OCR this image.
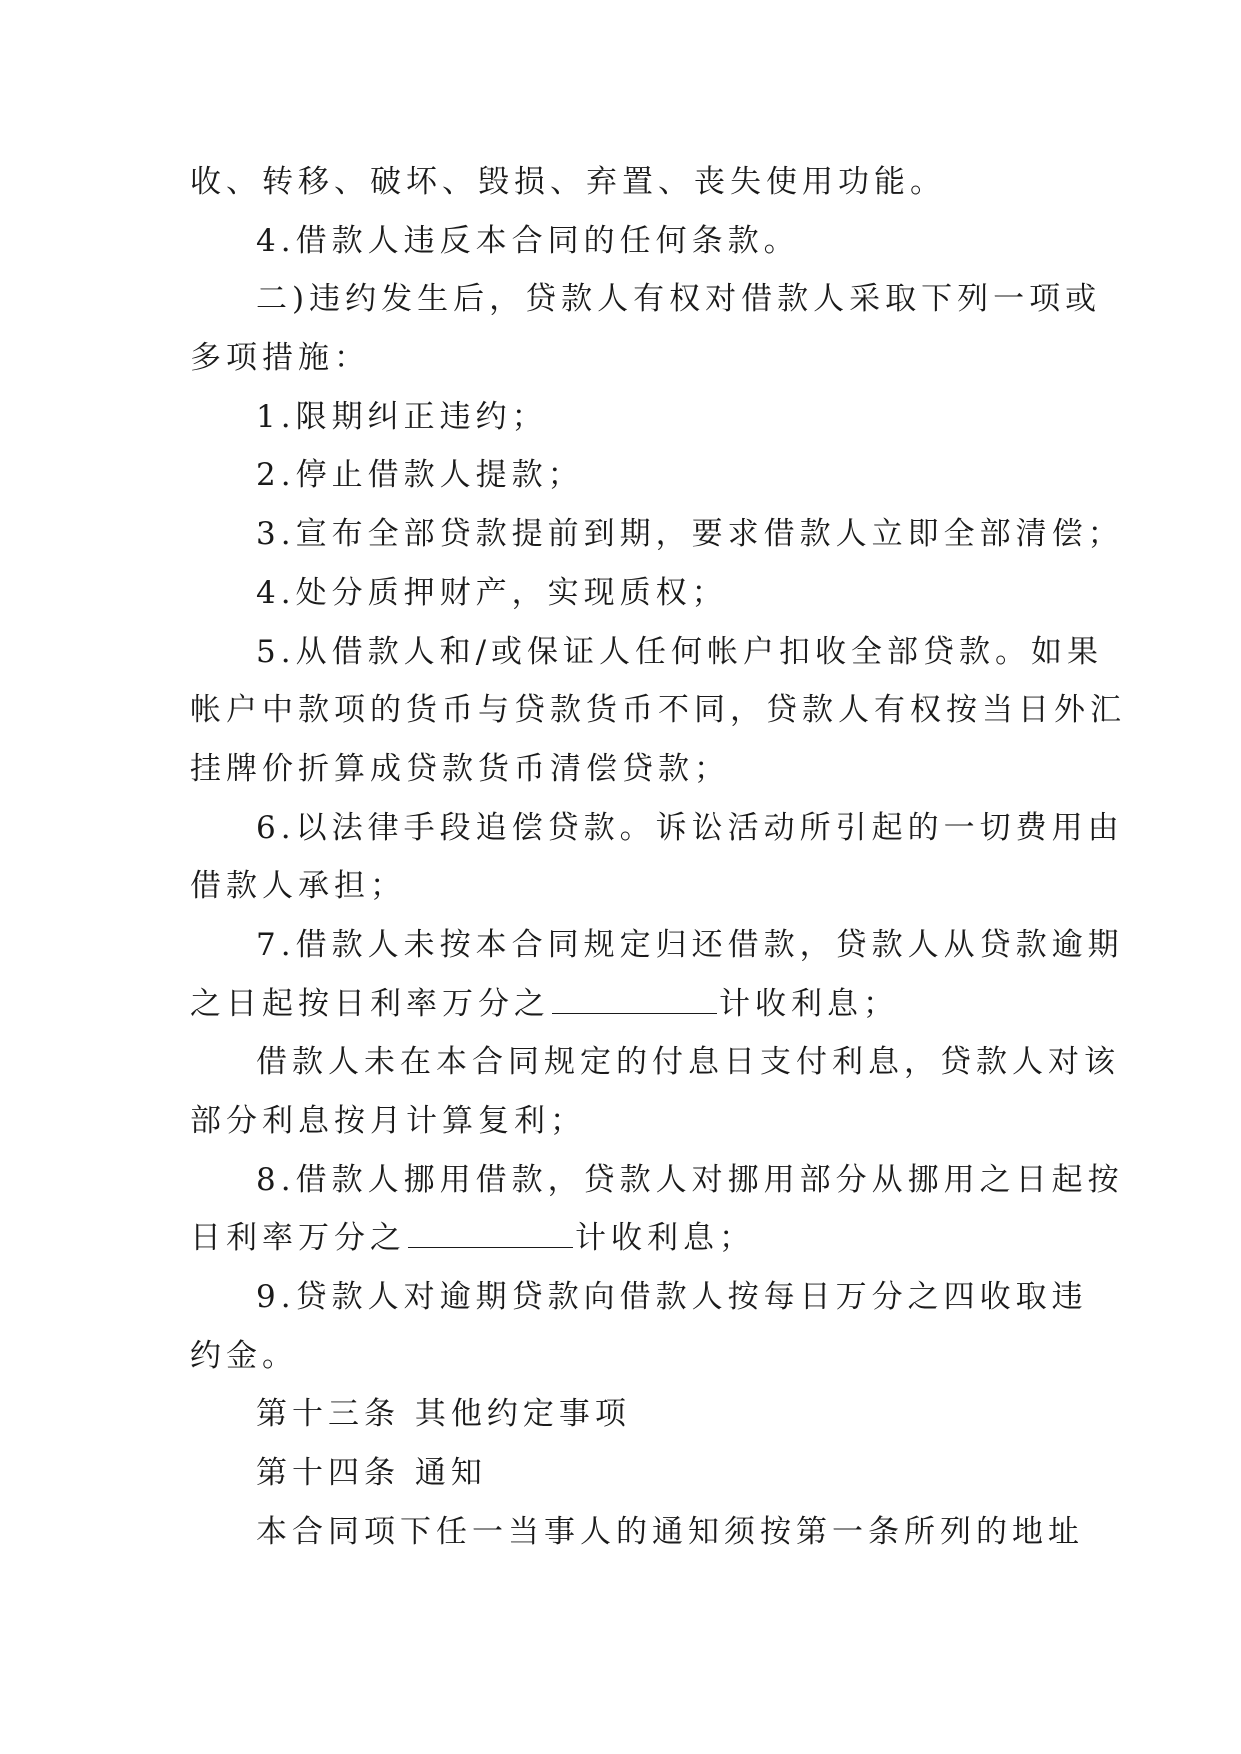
收、转移、破坏、毁损、弃置、丧失使用功能。
4.借款人违反本合同的任何条款。
二)违约发生后，贷款人有权对借款人采取下列一项或
多项措施：
1.限期纠正违约；
2.停止借款人提款；
3.宣布全部贷款提前到期，要求借款人立即全部清偿；
4.处分质押财产，实现质权；
5.从借款人和/或保证人任何帐户扣收全部贷款。如果
帐户中款项的货币与贷款货币不同，贷款人有权按当日外汇
挂牌价折算成贷款货币清偿贷款；
6.以法律手段追偿贷款。诉讼活动所引起的一切费用由
借款人承担；
7.借款人未按本合同规定归还借款，贷款人从贷款逾期
之日起按日利率万分之	计收利息；
借款人未在本合同规定的付息日支付利息，贷款人对该
部分利息按月计算复利；
8.借款人挪用借款，贷款人对挪用部分从挪用之日起按
日利率万分之	计收利息；
9.贷款人对逾期贷款向借款人按每日万分之四收取违
约金。
第十三条 其他约定事项
第十四条 通知
本合同项下任一当事人的通知须按第一条所列的地址
